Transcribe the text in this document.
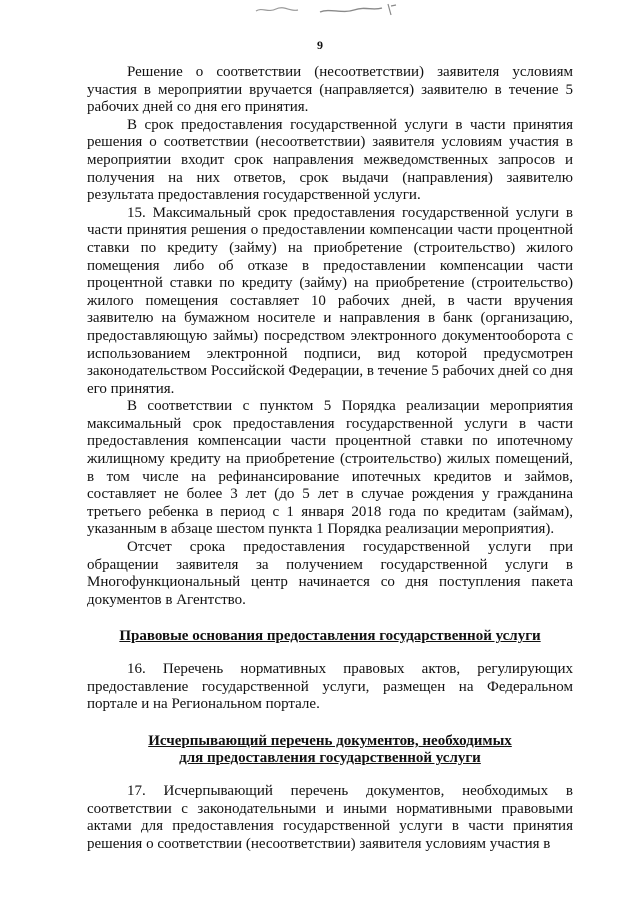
9

Решение о соответствии (несоответствии) заявителя условиям участия в мероприятии вручается (направляется) заявителю в течение 5 рабочих дней со дня его принятия.

В срок предоставления государственной услуги в части принятия решения о соответствии (несоответствии) заявителя условиям участия в мероприятии входит срок направления межведомственных запросов и получения на них ответов, срок выдачи (направления) заявителю результата предоставления государственной услуги.

15. Максимальный срок предоставления государственной услуги в части принятия решения о предоставлении компенсации части процентной ставки по кредиту (займу) на приобретение (строительство) жилого помещения либо об отказе в предоставлении компенсации части процентной ставки по кредиту (займу) на приобретение (строительство) жилого помещения составляет 10 рабочих дней, в части вручения заявителю на бумажном носителе и направления в банк (организацию, предоставляющую займы) посредством электронного документооборота с использованием электронной подписи, вид которой предусмотрен законодательством Российской Федерации, в течение 5 рабочих дней со дня его принятия.

В соответствии с пунктом 5 Порядка реализации мероприятия максимальный срок предоставления государственной услуги в части предоставления компенсации части процентной ставки по ипотечному жилищному кредиту на приобретение (строительство) жилых помещений, в том числе на рефинансирование ипотечных кредитов и займов, составляет не более 3 лет (до 5 лет в случае рождения у гражданина третьего ребенка в период с 1 января 2018 года по кредитам (займам), указанным в абзаце шестом пункта 1 Порядка реализации мероприятия).

Отсчет срока предоставления государственной услуги при обращении заявителя за получением государственной услуги в Многофункциональный центр начинается со дня поступления пакета документов в Агентство.

Правовые основания предоставления государственной услуги

16. Перечень нормативных правовых актов, регулирующих предоставление государственной услуги, размещен на Федеральном портале и на Региональном портале.

Исчерпывающий перечень документов, необходимых

для предоставления государственной услуги

17. Исчерпывающий перечень документов, необходимых в соответствии с законодательными и иными нормативными правовыми актами для предоставления государственной услуги в части принятия решения о соответствии (несоответствии) заявителя условиям участия в
